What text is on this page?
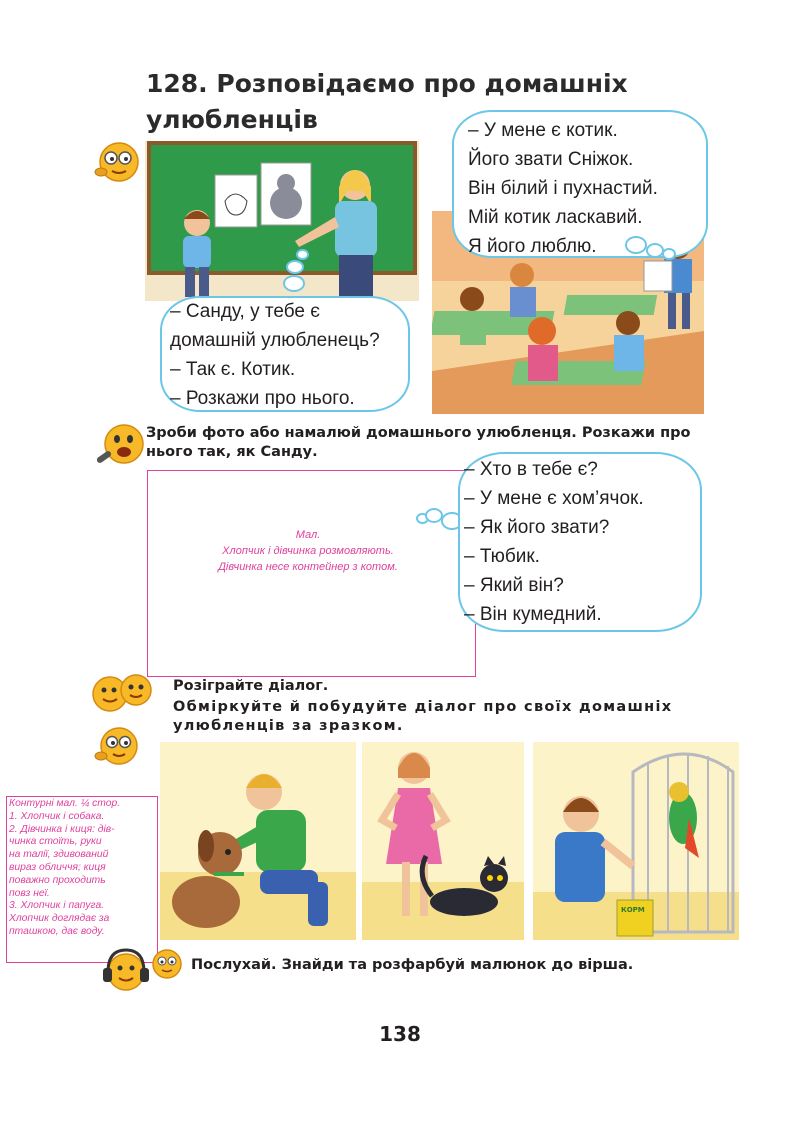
128. Розповідаємо про домашніх
улюбленців	– У мене є котик.
Його звати Сніжок.
Він білий і пухнастий.
Мій котик ласкавий.
Я його люблю.
– Санду, у тебе є
домашній улюбленець?
– Так є. Котик.
– Розкажи про нього.
Зроби фото або намалюй домашнього улюбленця. Розкажи про
нього так, як Санду.
Мал.
Хлопчик і дівчинка розмовляють.
Дівчинка несе контейнер з котом.
– Хто в тебе є?
– У мене є хом’ячок.
– Як його звати?
– Тюбик.
– Який він?
– Він кумедний.
Розіграйте діалог.
Обміркуйте й побудуйте діалог про своїх домашніх
улюбленців за зразком.
Контурні мал. ¼ стор.
1. Хлопчик і собака.
2. Дівчинка і киця: дів-
чинка стоїть, руки
на талії, здивований
вираз обличчя; киця
поважно проходить
повз неї.
3. Хлопчик і папуга.
Хлопчик доглядає за
пташкою, дає воду.
КОРМ
Послухай. Знайди та розфарбуй малюнок до вірша.
138
